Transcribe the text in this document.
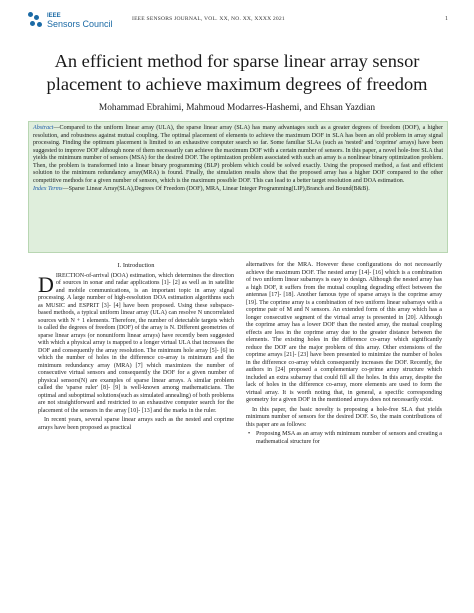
IEEE
Sensors Council	IEEE SENSORS JOURNAL, VOL. XX, NO. XX, XXXX 2021	1
An efficient method for sparse linear array sensor placement to achieve maximum degrees of freedom
Mohammad Ebrahimi, Mahmoud Modarres-Hashemi, and Ehsan Yazdian
Abstract—Compared to the uniform linear array (ULA), the sparse linear array (SLA) has many advantages such as a greater degrees of freedom (DOF), a higher resolution, and robustness against mutual coupling. The optimal placement of elements to achieve the maximum DOF in SLA has been an old problem in array signal processing. Finding the optimum placement is limited to an exhaustive computer search so far. Some familiar SLAs (such as 'nested' and 'coprime' arrays) have been suggested to improve DOF although none of them necessarily can achieve the maximum DOF with a certain number of sensors. In this paper, a novel hole-free SLA that yields the minimum number of sensors (MSA) for the desired DOF. The optimization problem associated with such an array is a nonlinear binary optimization problem. Then, the problem is transformed into a linear binary programming (BLP) problem which could be solved exactly. Using the proposed method, a fast and efficient solution to the minimum redundancy array(MRA) is found. Finally, the simulation results show that the proposed array has a higher DOF compared to the other competitive methods for a given number of sensors, which is the maximum possible DOF. This can lead to a better target resolution and DOA estimation.
Index Terms—Sparse Linear Array(SLA),Degrees Of Freedom (DOF), MRA, Linear Integer Programming(LIP),Branch and Bound(B&B).
I. Introduction

DIRECTION-of-arrival (DOA) estimation, which determines the direction of sources in sonar and radar applications [1]- [2] as well as in satellite and mobile communications, is an important topic in array signal processing. A large number of high-resolution DOA estimation algorithms such as MUSIC and ESPRIT [3]- [4] have been proposed. Using these subspace-based methods, a typical uniform linear array (ULA) can resolve N uncorrelated sources with N + 1 elements. Therefore, the number of detectable targets which is called the degrees of freedom (DOF) of the array is N. Different geometries of sparse linear arrays (or nonuniform linear arrays) have recently been suggested with which a physical array is mapped to a longer virtual ULA that increases the DOF and consequently the array resolution. The minimum hole array [5]- [6] in which the number of holes in the difference co-array is minimum and the minimum redundancy array (MRA) [7] which maximizes the number of consecutive virtual sensors and consequently the DOF for a given number of physical sensors(N) are examples of sparse linear arrays. A similar problem called the 'sparse ruler' [8]- [9] is well-known among mathematicians. The optimal and suboptimal solutions(such as simulated annealing) of both problems are not straightforward and restricted to an exhaustive computer search for the placement of the sensors in the array [10]- [13] and the marks in the ruler.

In recent years, several sparse linear arrays such as the nested and coprime arrays have been proposed as practical

alternatives for the MRA. However these configurations do not necessarily achieve the maximum DOF. The nested array [14]- [16] which is a combination of two uniform linear subarrays is easy to design. Although the nested array has a high DOF, it suffers from the mutual coupling degrading effect between the antennas [17]- [18]. Another famous type of sparse arrays is the coprime array [19]. The coprime array is a combination of two uniform linear subarrays with a coprime pair of M and N sensors. An extended form of this array which has a longer consecutive segment of the virtual array is presented in [20]. Although the coprime array has a lower DOF than the nested array, the mutual coupling effects are less in the coprime array due to the greater distance between the elements. The existing holes in the difference co-array which significantly reduce the DOF are the major problem of this array. Other extensions of the coprime arrays [21]- [23] have been presented to minimize the number of holes in the difference co-array which consequently increases the DOF. Recently, the authors in [24] proposed a complementary co-prime array structure which included an extra subarray that could fill all the holes. In this array, despite the lack of holes in the difference co-array, more elements are used to form the virtual array. It is worth noting that, in general, a specific corresponding geometry for a given DOF in the mentioned arrays does not necessarily exist.

In this paper, the basic novelty is proposing a hole-free SLA that yields minimum number of sensors for the desired DOF. So, the main contributions of this paper are as follows:

• Proposing MSA as an array with minimum number of sensors and creating a mathematical structure for
